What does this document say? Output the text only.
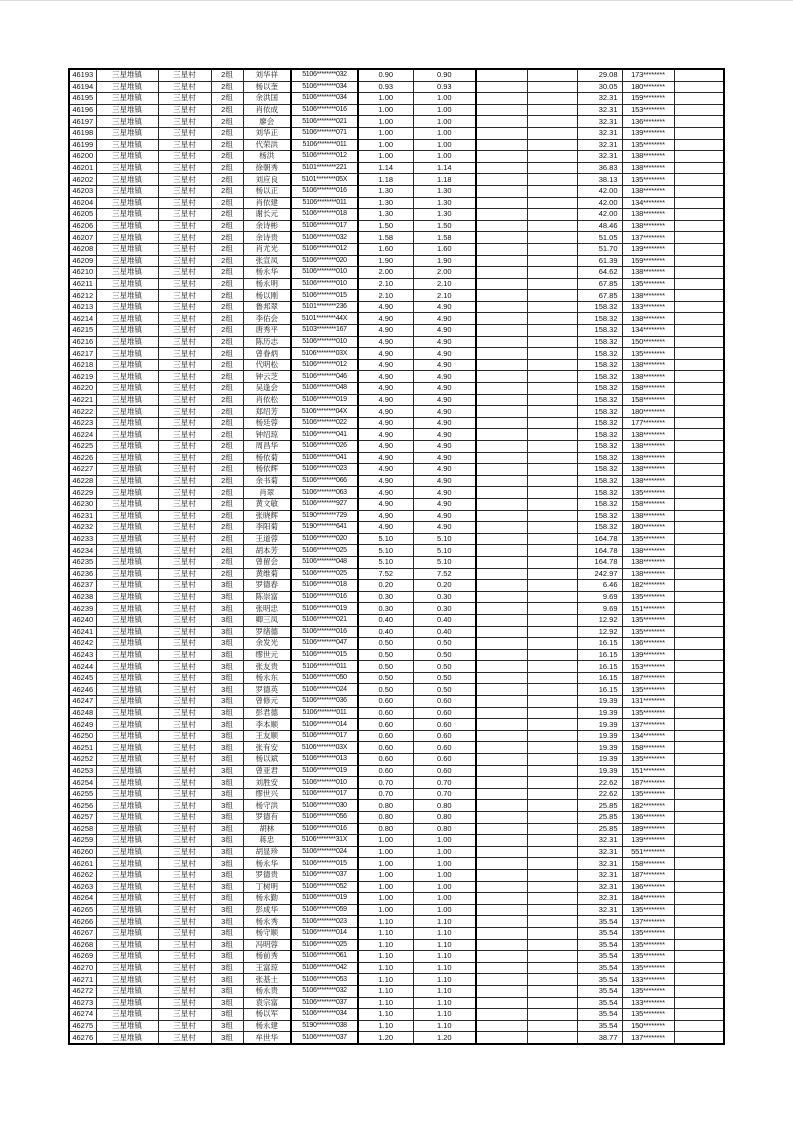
46193	三星堆镇	三星村	2组	刘华祥	5106********032	0.90	0.90			29.08	173********	
46194	三星堆镇	三星村	2组	杨以奎	5106********034	0.93	0.93			30.05	180********	
46195	三星堆镇	三星村	2组	余洪国	5106********034	1.00	1.00			32.31	159********	
46196	三星堆镇	三星村	2组	肖依成	5106********016	1.00	1.00			32.31	153********	
46197	三星堆镇	三星村	2组	廖会	5106********021	1.00	1.00			32.31	136********	
46198	三星堆镇	三星村	2组	刘华正	5106********071	1.00	1.00			32.31	139********	
46199	三星堆镇	三星村	2组	代荣洪	5106********011	1.00	1.00			32.31	135********	
46200	三星堆镇	三星村	2组	杨洪	5106********012	1.00	1.00			32.31	138********	
46201	三星堆镇	三星村	2组	徐朝秀	5101********221	1.14	1.14			36.83	138********	
46202	三星堆镇	三星村	2组	刘应良	5101********05X	1.18	1.18			38.13	135********	
46203	三星堆镇	三星村	2组	杨以正	5106********016	1.30	1.30			42.00	138********	
46204	三星堆镇	三星村	2组	肖依建	5106********011	1.30	1.30			42.00	134********	
46205	三星堆镇	三星村	2组	谢长元	5106********018	1.30	1.30			42.00	138********	
46206	三星堆镇	三星村	2组	余诗彬	5106********017	1.50	1.50			48.46	138********	
46207	三星堆镇	三星村	2组	余诗贵	5106********032	1.58	1.58			51.05	137********	
46208	三星堆镇	三星村	2组	肖尤光	5106********012	1.60	1.60			51.70	139********	
46209	三星堆镇	三星村	2组	张宣凤	5106********020	1.90	1.90			61.39	159********	
46210	三星堆镇	三星村	2组	杨永华	5106********010	2.00	2.00			64.62	138********	
46211	三星堆镇	三星村	2组	杨永明	5106********010	2.10	2.10			67.85	135********	
46212	三星堆镇	三星村	2组	杨以刚	5106********015	2.10	2.10			67.85	138********	
46213	三星堆镇	三星村	2组	鲁邦翠	5101********236	4.90	4.90			158.32	133********	
46214	三星堆镇	三星村	2组	李佑会	5101********44X	4.90	4.90			158.32	138********	
46215	三星堆镇	三星村	2组	唐秀平	5103********167	4.90	4.90			158.32	134********	
46216	三星堆镇	三星村	2组	陈历志	5106********010	4.90	4.90			158.32	150********	
46217	三星堆镇	三星村	2组	曾眷炳	5106********03X	4.90	4.90			158.32	135********	
46218	三星堆镇	三星村	2组	代明松	5106********012	4.90	4.90			158.32	138********	
46219	三星堆镇	三星村	2组	钟云芝	5106********046	4.90	4.90			158.32	138********	
46220	三星堆镇	三星村	2组	吴逢会	5106********048	4.90	4.90			158.32	158********	
46221	三星堆镇	三星村	2组	肖依松	5106********019	4.90	4.90			158.32	158********	
46222	三星堆镇	三星村	2组	郑绍芳	5106********04X	4.90	4.90			158.32	180********	
46223	三星堆镇	三星村	2组	杨廷蓉	5106********022	4.90	4.90			158.32	177********	
46224	三星堆镇	三星村	2组	钟绍琼	5106********041	4.90	4.90			158.32	138********	
46225	三星堆镇	三星村	2组	周昌华	5106********026	4.90	4.90			158.32	138********	
46226	三星堆镇	三星村	2组	杨依菊	5106********041	4.90	4.90			158.32	138********	
46227	三星堆镇	三星村	2组	杨依辉	5106********023	4.90	4.90			158.32	138********	
46228	三星堆镇	三星村	2组	余书菊	5106********066	4.90	4.90			158.32	138********	
46229	三星堆镇	三星村	2组	肖翠	5106********063	4.90	4.90			158.32	135********	
46230	三星堆镇	三星村	2组	黄文敏	5106********927	4.90	4.90			158.32	158********	
46231	三星堆镇	三星村	2组	张晓辉	5190********729	4.90	4.90			158.32	138********	
46232	三星堆镇	三星村	2组	李阳菊	5190********641	4.90	4.90			158.32	180********	
46233	三星堆镇	三星村	2组	王道蓉	5106********020	5.10	5.10			164.78	135********	
46234	三星堆镇	三星村	2组	胡本芳	5106********025	5.10	5.10			164.78	138********	
46235	三星堆镇	三星村	2组	曾留会	5106********048	5.10	5.10			164.78	138********	
46236	三星堆镇	三星村	2组	黄维菊	5106********025	7.52	7.52			242.97	138********	
46237	三星堆镇	三星村	3组	罗德春	5106********018	0.20	0.20			6.46	182********	
46238	三星堆镇	三星村	3组	陈崇富	5106********016	0.30	0.30			9.69	135********	
46239	三星堆镇	三星村	3组	张明忠	5106********019	0.30	0.30			9.69	151********	
46240	三星堆镇	三星村	3组	卿三凤	5106********021	0.40	0.40			12.92	135********	
46241	三星堆镇	三星村	3组	罗绪德	5106********016	0.40	0.40			12.92	135********	
46242	三星堆镇	三星村	3组	余发光	5106********047	0.50	0.50			16.15	136********	
46243	三星堆镇	三星村	3组	缪世元	5106********015	0.50	0.50			16.15	139********	
46244	三星堆镇	三星村	3组	张友贵	5106********011	0.50	0.50			16.15	153********	
46245	三星堆镇	三星村	3组	杨永东	5106********050	0.50	0.50			16.15	187********	
46246	三星堆镇	三星村	3组	罗德英	5106********024	0.50	0.50			16.15	135********	
46247	三星堆镇	三星村	3组	曾修元	5106********036	0.60	0.60			19.39	131********	
46248	三星堆镇	三星村	3组	彭君德	5106********011	0.60	0.60			19.39	135********	
46249	三星堆镇	三星村	3组	李本顺	5106********014	0.60	0.60			19.39	137********	
46250	三星堆镇	三星村	3组	王友顺	5106********017	0.60	0.60			19.39	134********	
46251	三星堆镇	三星村	3组	张有安	5106********03X	0.60	0.60			19.39	158********	
46252	三星堆镇	三星村	3组	杨以斌	5106********013	0.60	0.60			19.39	135********	
46253	三星堆镇	三星村	3组	曾亚君	5106********019	0.60	0.60			19.39	151********	
46254	三星堆镇	三星村	3组	刘胜安	5106********010	0.70	0.70			22.62	187********	
46255	三星堆镇	三星村	3组	缪世兴	5106********017	0.70	0.70			22.62	135********	
46256	三星堆镇	三星村	3组	杨守洪	5106********030	0.80	0.80			25.85	182********	
46257	三星堆镇	三星村	3组	罗德有	5106********056	0.80	0.80			25.85	136********	
46258	三星堆镇	三星村	3组	胡林	5106********016	0.80	0.80			25.85	189********	
46259	三星堆镇	三星村	3组	蒋忠	5106********31X	1.00	1.00			32.31	139********	
46260	三星堆镇	三星村	3组	胡显珍	5106********024	1.00	1.00			32.31	551********	
46261	三星堆镇	三星村	3组	杨永华	5106********015	1.00	1.00			32.31	158********	
46262	三星堆镇	三星村	3组	罗德贵	5106********037	1.00	1.00			32.31	187********	
46263	三星堆镇	三星村	3组	丁树明	5106********052	1.00	1.00			32.31	136********	
46264	三星堆镇	三星村	3组	杨永勤	5106********019	1.00	1.00			32.31	184********	
46265	三星堆镇	三星村	3组	彭成华	5106********059	1.00	1.00			32.31	135********	
46266	三星堆镇	三星村	3组	杨永秀	5106********023	1.10	1.10			35.54	137********	
46267	三星堆镇	三星村	3组	杨守顺	5106********014	1.10	1.10			35.54	135********	
46268	三星堆镇	三星村	3组	冯明蓉	5106********025	1.10	1.10			35.54	135********	
46269	三星堆镇	三星村	3组	杨前秀	5106********061	1.10	1.10			35.54	135********	
46270	三星堆镇	三星村	3组	王富琼	5106********042	1.10	1.10			35.54	135********	
46271	三星堆镇	三星村	3组	张基土	5106********053	1.10	1.10			35.54	133********	
46272	三星堆镇	三星村	3组	杨永贵	5106********032	1.10	1.10			35.54	135********	
46273	三星堆镇	三星村	3组	袁宗富	5106********037	1.10	1.10			35.54	133********	
46274	三星堆镇	三星村	3组	杨以军	5106********034	1.10	1.10			35.54	135********	
46275	三星堆镇	三星村	3组	杨永建	5190********038	1.10	1.10			35.54	150********	
46276	三星堆镇	三星村	3组	牟世华	5106********037	1.20	1.20			38.77	137********	
